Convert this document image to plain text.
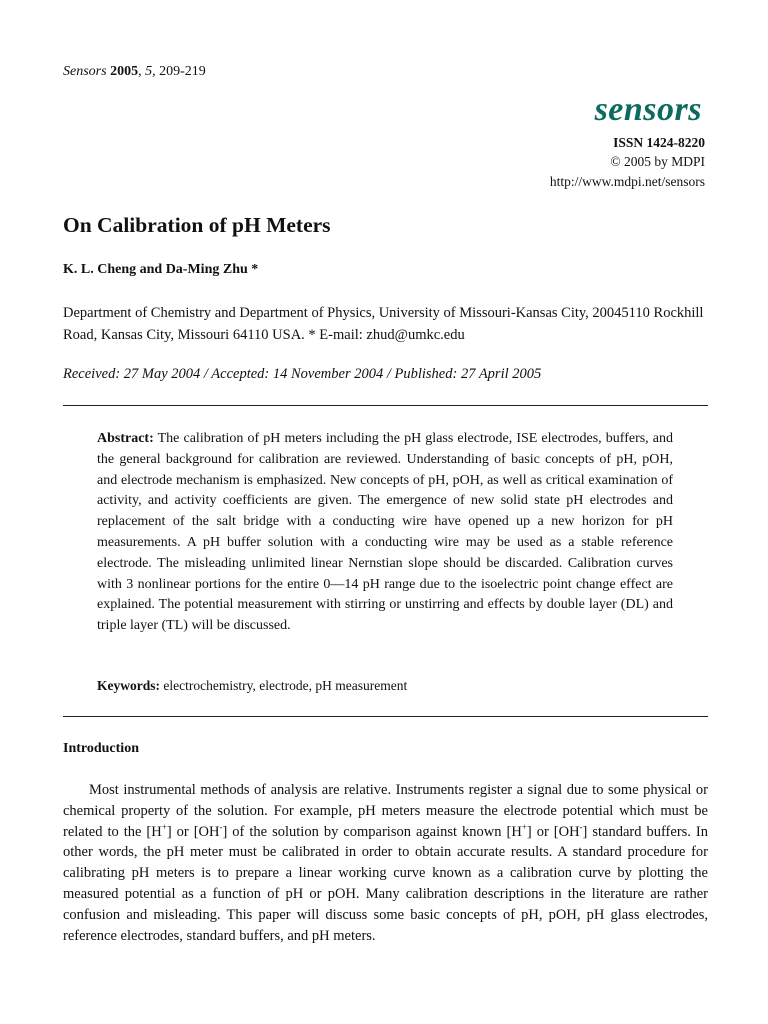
Sensors 2005, 5, 209-219
sensors
ISSN 1424-8220
© 2005 by MDPI
http://www.mdpi.net/sensors
On Calibration of pH Meters
K. L. Cheng and Da-Ming Zhu *
Department of Chemistry and Department of Physics, University of Missouri-Kansas City, 20045110 Rockhill Road, Kansas City, Missouri 64110 USA. * E-mail: zhud@umkc.edu
Received: 27 May 2004 / Accepted: 14 November 2004 / Published: 27 April 2005
Abstract: The calibration of pH meters including the pH glass electrode, ISE electrodes, buffers, and the general background for calibration are reviewed. Understanding of basic concepts of pH, pOH, and electrode mechanism is emphasized. New concepts of pH, pOH, as well as critical examination of activity, and activity coefficients are given. The emergence of new solid state pH electrodes and replacement of the salt bridge with a conducting wire have opened up a new horizon for pH measurements. A pH buffer solution with a conducting wire may be used as a stable reference electrode. The misleading unlimited linear Nernstian slope should be discarded. Calibration curves with 3 nonlinear portions for the entire 0—14 pH range due to the isoelectric point change effect are explained. The potential measurement with stirring or unstirring and effects by double layer (DL) and triple layer (TL) will be discussed.
Keywords: electrochemistry, electrode, pH measurement
Introduction
Most instrumental methods of analysis are relative. Instruments register a signal due to some physical or chemical property of the solution. For example, pH meters measure the electrode potential which must be related to the [H+] or [OH-] of the solution by comparison against known [H+] or [OH-] standard buffers. In other words, the pH meter must be calibrated in order to obtain accurate results. A standard procedure for calibrating pH meters is to prepare a linear working curve known as a calibration curve by plotting the measured potential as a function of pH or pOH. Many calibration descriptions in the literature are rather confusion and misleading. This paper will discuss some basic concepts of pH, pOH, pH glass electrodes, reference electrodes, standard buffers, and pH meters.
